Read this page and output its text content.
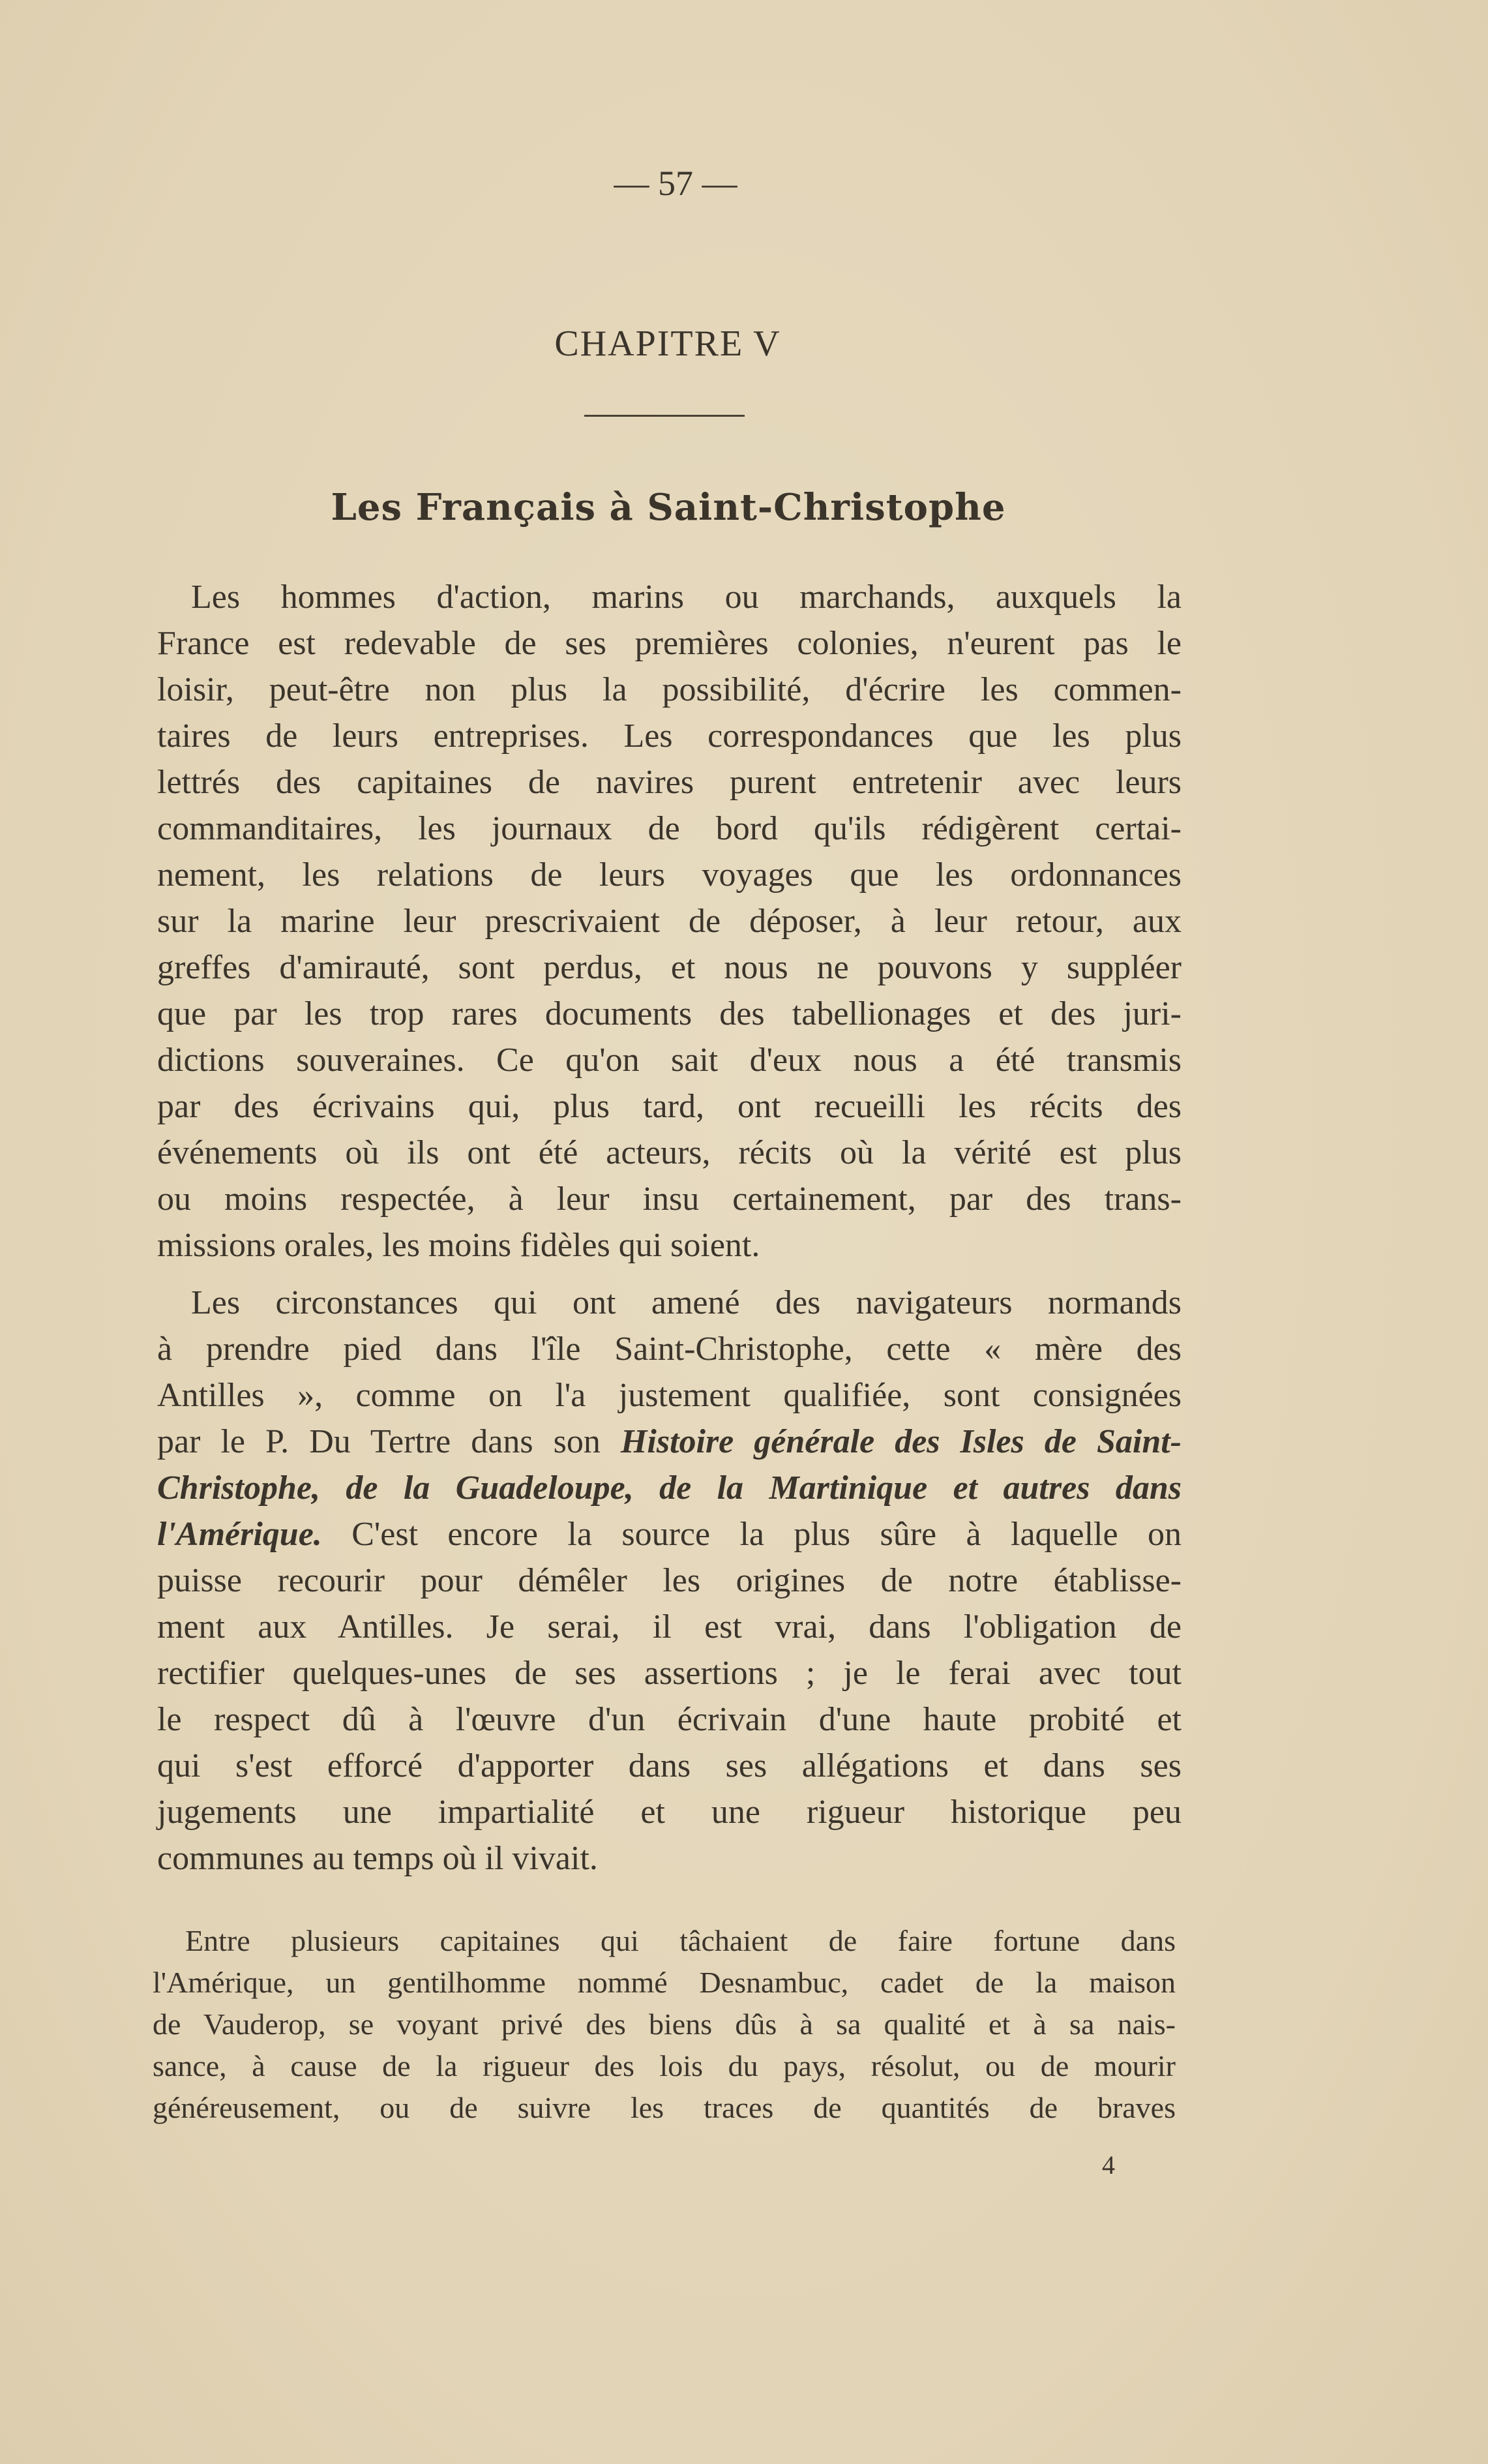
— 57 —
CHAPITRE V
Les Français à Saint-Christophe
Les hommes d'action, marins ou marchands, auxquels la
France est redevable de ses premières colonies, n'eurent pas le
loisir, peut-être non plus la possibilité, d'écrire les commen-
taires de leurs entreprises. Les correspondances que les plus
lettrés des capitaines de navires purent entretenir avec leurs
commanditaires, les journaux de bord qu'ils rédigèrent certai-
nement, les relations de leurs voyages que les ordonnances
sur la marine leur prescrivaient de déposer, à leur retour, aux
greffes d'amirauté, sont perdus, et nous ne pouvons y suppléer
que par les trop rares documents des tabellionages et des juri-
dictions souveraines. Ce qu'on sait d'eux nous a été transmis
par des écrivains qui, plus tard, ont recueilli les récits des
événements où ils ont été acteurs, récits où la vérité est plus
ou moins respectée, à leur insu certainement, par des trans-
missions orales, les moins fidèles qui soient.
Les circonstances qui ont amené des navigateurs normands
à prendre pied dans l'île Saint-Christophe, cette « mère des
Antilles », comme on l'a justement qualifiée, sont consignées
par le P. Du Tertre dans son Histoire générale des Isles de Saint-
Christophe, de la Guadeloupe, de la Martinique et autres dans
l'Amérique. C'est encore la source la plus sûre à laquelle on
puisse recourir pour démêler les origines de notre établisse-
ment aux Antilles. Je serai, il est vrai, dans l'obligation de
rectifier quelques-unes de ses assertions ; je le ferai avec tout
le respect dû à l'œuvre d'un écrivain d'une haute probité et
qui s'est efforcé d'apporter dans ses allégations et dans ses
jugements une impartialité et une rigueur historique peu
communes au temps où il vivait.
Entre plusieurs capitaines qui tâchaient de faire fortune dans
l'Amérique, un gentilhomme nommé Desnambuc, cadet de la maison
de Vauderop, se voyant privé des biens dûs à sa qualité et à sa nais-
sance, à cause de la rigueur des lois du pays, résolut, ou de mourir
généreusement, ou de suivre les traces de quantités de braves
4
